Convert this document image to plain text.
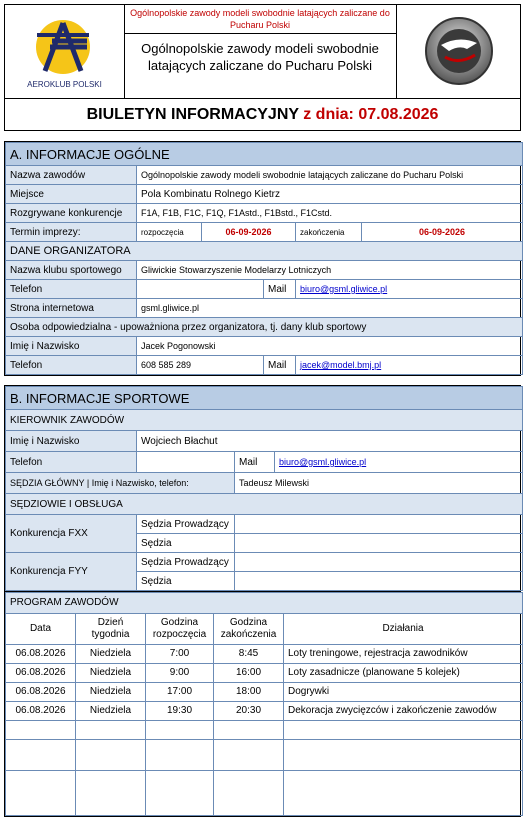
AEROKLUB POLSKI
Ogólnopolskie zawody modeli swobodnie latających zaliczane do Pucharu Polski
Ogólnopolskie zawody modeli swobodnie latających zaliczane do Pucharu Polski
BIULETYN INFORMACYJNY z dnia: 07.08.2026
A. INFORMACJE OGÓLNE					
Nazwa zawodów	Ogólnopolskie zawody modeli swobodnie latających zaliczane do Pucharu Polski				
Miejsce	Pola Kombinatu Rolnego Kietrz				
Rozgrywane konkurencje	F1A, F1B, F1C, F1Q, F1Astd., F1Bstd., F1Cstd.				
Termin imprezy:	rozpoczęcia	06-09-2026		zakończenia	06-09-2026
DANE ORGANIZATORA					
Nazwa klubu sportowego	Gliwickie Stowarzyszenie Modelarzy Lotniczych				
Telefon			Mail	biuro@gsml.gliwice.pl	
Strona internetowa	gsml.gliwice.pl				
Osoba odpowiedzialna - upoważniona przez organizatora, tj. dany klub sportowy					
Imię i Nazwisko	Jacek Pogonowski				
Telefon	608 585 289		Mail	jacek@model.bmj.pl	
B. INFORMACJE SPORTOWE			
KIEROWNIK ZAWODÓW			
Imię i Nazwisko	Wojciech Błachut		
Telefon		Mail	biuro@gsml.gliwice.pl
SĘDZIA GŁÓWNY | Imię i Nazwisko, telefon:		Tadeusz Milewski	
SĘDZIOWIE I OBSŁUGA			
Konkurencja FXX	Sędzia Prowadzący		
	Sędzia		
Konkurencja FYY	Sędzia Prowadzący		
	Sędzia		
PROGRAM ZAWODÓW				
Data	Dzień tygodnia	Godzina rozpoczęcia	Godzina zakończenia	Działania
06.08.2026	Niedziela	7:00	8:45	Loty treningowe, rejestracja zawodników
06.08.2026	Niedziela	9:00	16:00	Loty zasadnicze (planowane 5 kolejek)
06.08.2026	Niedziela	17:00	18:00	Dogrywki
06.08.2026	Niedziela	19:30	20:30	Dekoracja zwycięzców i zakończenie zawodów
